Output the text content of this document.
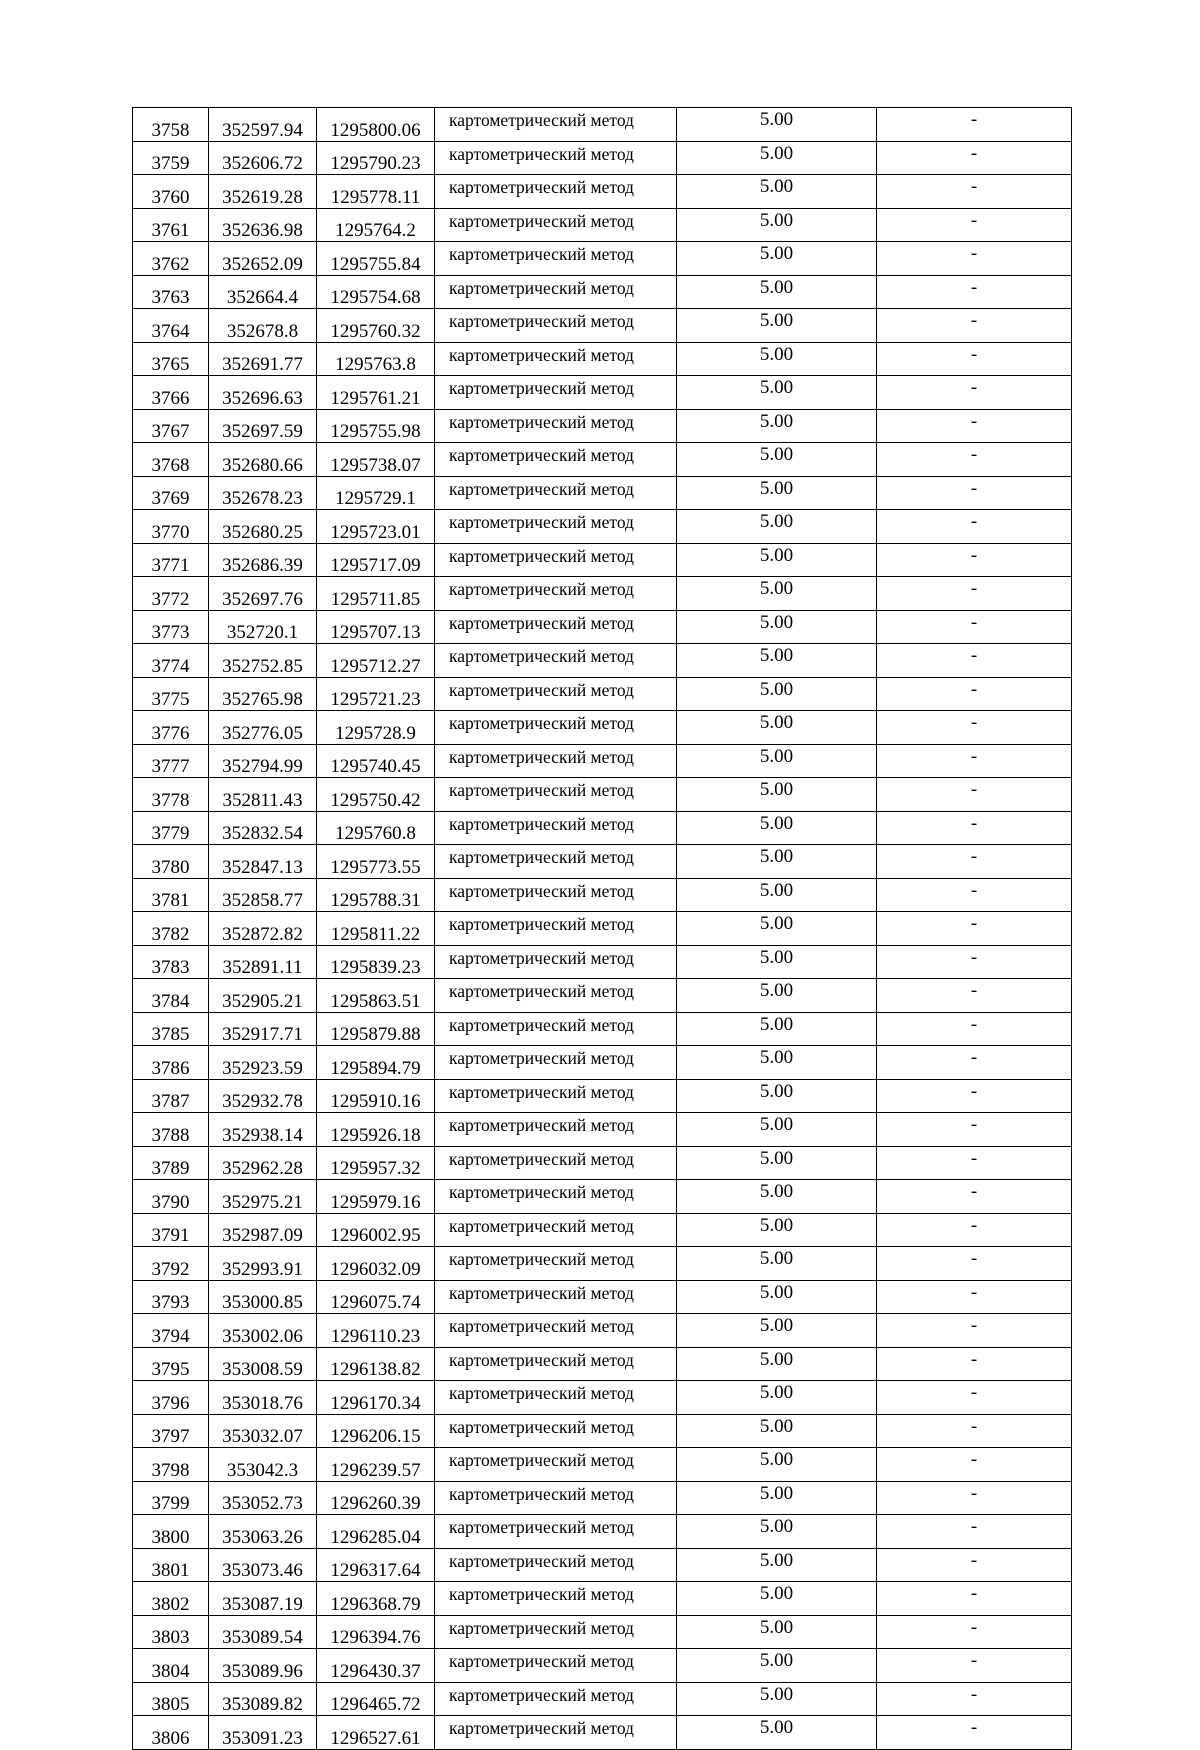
3758	352597.94	1295800.06	картометрический метод	5.00	-
3759	352606.72	1295790.23	картометрический метод	5.00	-
3760	352619.28	1295778.11	картометрический метод	5.00	-
3761	352636.98	1295764.2	картометрический метод	5.00	-
3762	352652.09	1295755.84	картометрический метод	5.00	-
3763	352664.4	1295754.68	картометрический метод	5.00	-
3764	352678.8	1295760.32	картометрический метод	5.00	-
3765	352691.77	1295763.8	картометрический метод	5.00	-
3766	352696.63	1295761.21	картометрический метод	5.00	-
3767	352697.59	1295755.98	картометрический метод	5.00	-
3768	352680.66	1295738.07	картометрический метод	5.00	-
3769	352678.23	1295729.1	картометрический метод	5.00	-
3770	352680.25	1295723.01	картометрический метод	5.00	-
3771	352686.39	1295717.09	картометрический метод	5.00	-
3772	352697.76	1295711.85	картометрический метод	5.00	-
3773	352720.1	1295707.13	картометрический метод	5.00	-
3774	352752.85	1295712.27	картометрический метод	5.00	-
3775	352765.98	1295721.23	картометрический метод	5.00	-
3776	352776.05	1295728.9	картометрический метод	5.00	-
3777	352794.99	1295740.45	картометрический метод	5.00	-
3778	352811.43	1295750.42	картометрический метод	5.00	-
3779	352832.54	1295760.8	картометрический метод	5.00	-
3780	352847.13	1295773.55	картометрический метод	5.00	-
3781	352858.77	1295788.31	картометрический метод	5.00	-
3782	352872.82	1295811.22	картометрический метод	5.00	-
3783	352891.11	1295839.23	картометрический метод	5.00	-
3784	352905.21	1295863.51	картометрический метод	5.00	-
3785	352917.71	1295879.88	картометрический метод	5.00	-
3786	352923.59	1295894.79	картометрический метод	5.00	-
3787	352932.78	1295910.16	картометрический метод	5.00	-
3788	352938.14	1295926.18	картометрический метод	5.00	-
3789	352962.28	1295957.32	картометрический метод	5.00	-
3790	352975.21	1295979.16	картометрический метод	5.00	-
3791	352987.09	1296002.95	картометрический метод	5.00	-
3792	352993.91	1296032.09	картометрический метод	5.00	-
3793	353000.85	1296075.74	картометрический метод	5.00	-
3794	353002.06	1296110.23	картометрический метод	5.00	-
3795	353008.59	1296138.82	картометрический метод	5.00	-
3796	353018.76	1296170.34	картометрический метод	5.00	-
3797	353032.07	1296206.15	картометрический метод	5.00	-
3798	353042.3	1296239.57	картометрический метод	5.00	-
3799	353052.73	1296260.39	картометрический метод	5.00	-
3800	353063.26	1296285.04	картометрический метод	5.00	-
3801	353073.46	1296317.64	картометрический метод	5.00	-
3802	353087.19	1296368.79	картометрический метод	5.00	-
3803	353089.54	1296394.76	картометрический метод	5.00	-
3804	353089.96	1296430.37	картометрический метод	5.00	-
3805	353089.82	1296465.72	картометрический метод	5.00	-
3806	353091.23	1296527.61	картометрический метод	5.00	-
